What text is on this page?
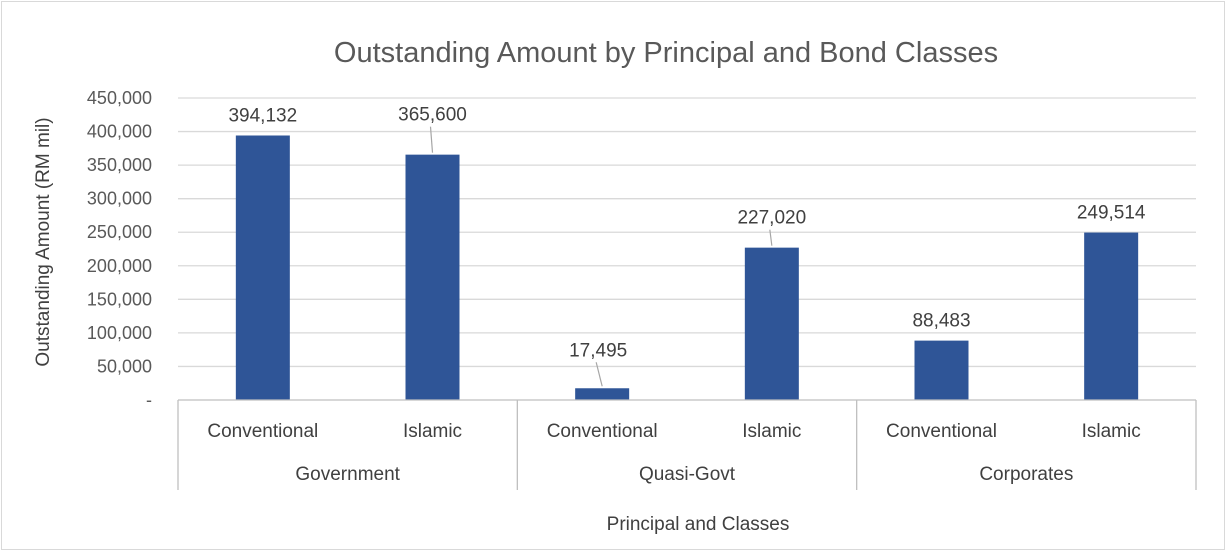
Outstanding Amount by Principal and Bond Classes
-
50,000
100,000
150,000
200,000
250,000
300,000
350,000
400,000
450,000
394,132	365,600
17,495
227,020
88,483
249,514
Conventional	Islamic	Conventional	Islamic	Conventional	Islamic
Government	Quasi-Govt	Corporates
Outstanding Amount (RM mil)
Principal and Classes
